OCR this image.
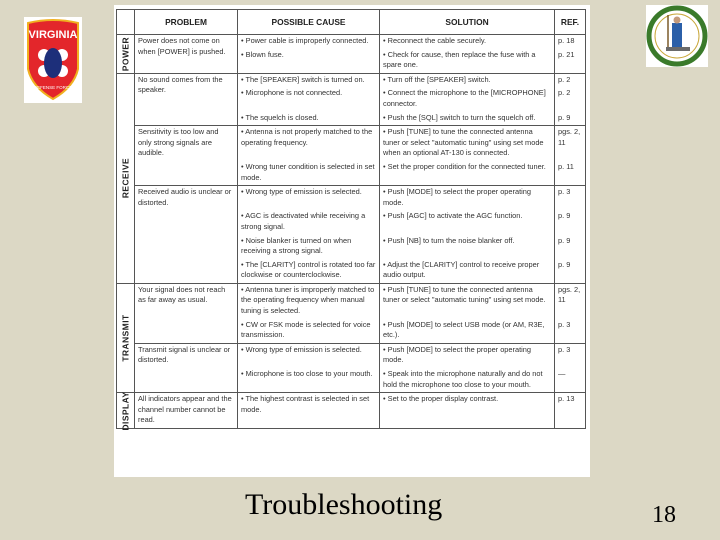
VIRGINIA
DEFENSE FORCE
	PROBLEM	POSSIBLE CAUSE	SOLUTION	REF.

POWER	Power does not come on when [POWER] is pushed.	• Power cable is improperly connected.	• Reconnect the cable securely.	p. 18
		• Blown fuse.	• Check for cause, then replace the fuse with a spare one.	p. 21

RECEIVE	No sound comes from the speaker.	• The [SPEAKER] switch is turned on.	• Turn off the [SPEAKER] switch.	p. 2
		• Microphone is not connected.	• Connect the microphone to the [MICROPHONE] connector.	p. 2
		• The squelch is closed.	• Push the [SQL] switch to turn the squelch off.	p. 9
	Sensitivity is too low and only strong signals are audible.	• Antenna is not properly matched to the operating frequency.	• Push [TUNE] to tune the connected antenna tuner or select "automatic tuning" using set mode when an optional AT-130 is connected.	pgs. 2, 11
		• Wrong tuner condition is selected in set mode.	• Set the proper condition for the connected tuner.	p. 11
	Received audio is unclear or distorted.	• Wrong type of emission is selected.	• Push [MODE] to select the proper operating mode.	p. 3
		• AGC is deactivated while receiving a strong signal.	• Push [AGC] to activate the AGC function.	p. 9
		• Noise blanker is turned on when receiving a strong signal.	• Push [NB] to turn the noise blanker off.	p. 9
		• The [CLARITY] control is rotated too far clockwise or counterclockwise.	• Adjust the [CLARITY] control to receive proper audio output.	p. 9

TRANSMIT	Your signal does not reach as far away as usual.	• Antenna tuner is improperly matched to the operating frequency when manual tuning is selected.	• Push [TUNE] to tune the connected antenna tuner or select "automatic tuning" using set mode.	pgs. 2, 11
		• CW or FSK mode is selected for voice transmission.	• Push [MODE] to select USB mode (or AM, R3E, etc.).	p. 3
	Transmit signal is unclear or distorted.	• Wrong type of emission is selected.	• Push [MODE] to select the proper operating mode.	p. 3
		• Microphone is too close to your mouth.	• Speak into the microphone naturally and do not hold the microphone too close to your mouth.	—

DISPLAY	All indicators appear and the channel number cannot be read.	• The highest contrast is selected in set mode.	• Set to the proper display contrast.	p. 13
Troubleshooting	18
